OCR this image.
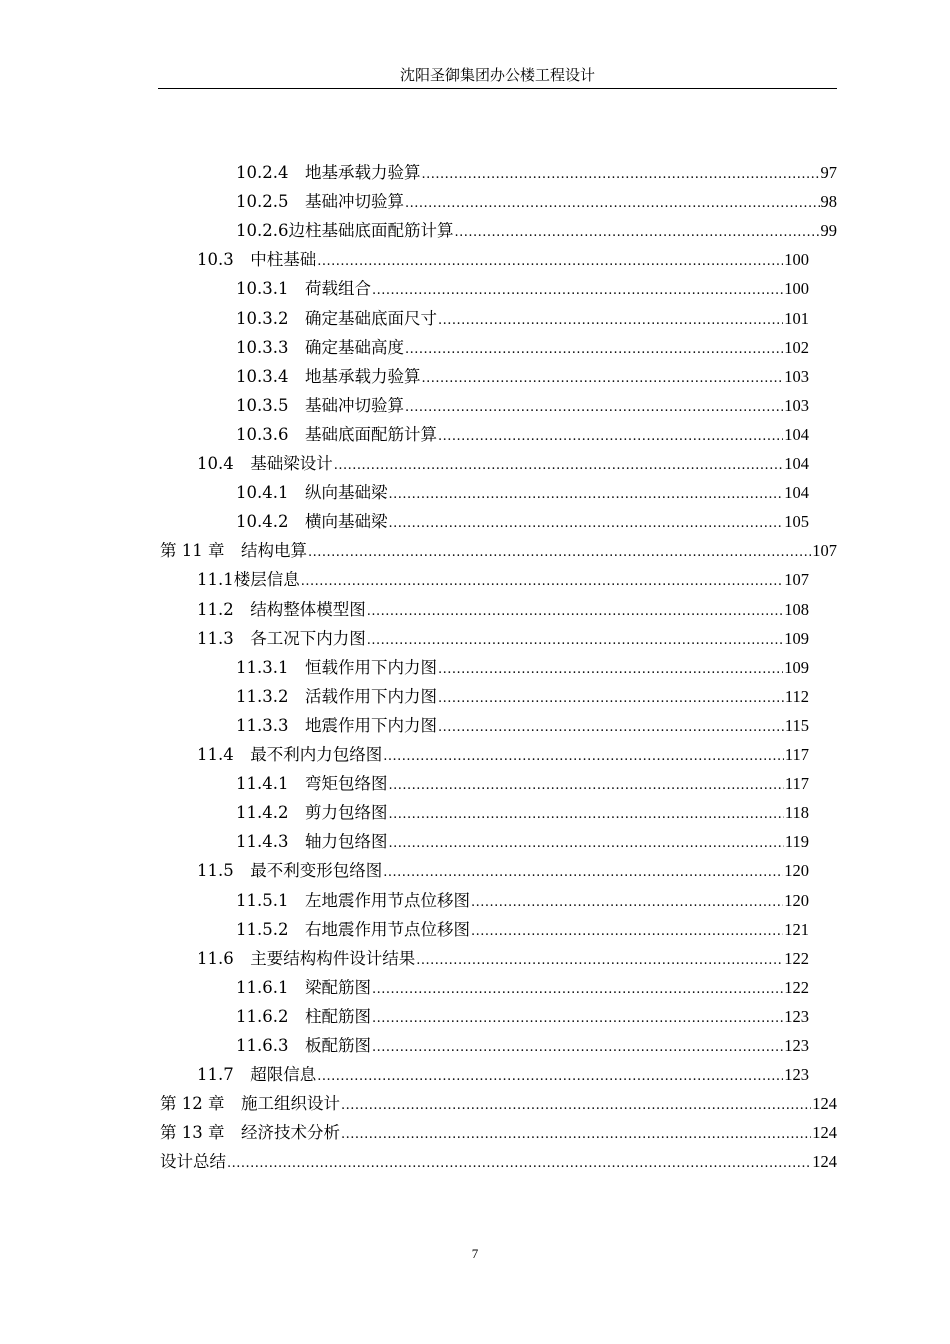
沈阳圣御集团办公楼工程设计
10.2.4　地基承载力验算 .....	97
10.2.5　基础冲切验算 .....	98
10.2.6边柱基础底面配筋计算 .....	99
10.3　中柱基础 .....	100
10.3.1　荷载组合 .....	100
10.3.2　确定基础底面尺寸 .....	101
10.3.3　确定基础高度 .....	102
10.3.4　地基承载力验算 .....	103
10.3.5　基础冲切验算 .....	103
10.3.6　基础底面配筋计算 .....	104
10.4　基础梁设计 .....	104
10.4.1　纵向基础梁 .....	104
10.4.2　横向基础梁 .....	105
第 11 章　结构电算 .....	107
11.1楼层信息 .....	107
11.2　结构整体模型图 .....	108
11.3　各工况下内力图 .....	109
11.3.1　恒载作用下内力图 .....	109
11.3.2　活载作用下内力图 .....	112
11.3.3　地震作用下内力图 .....	115
11.4　最不利内力包络图 .....	117
11.4.1　弯矩包络图 .....	117
11.4.2　剪力包络图 .....	118
11.4.3　轴力包络图 .....	119
11.5　最不利变形包络图 .....	120
11.5.1　左地震作用节点位移图 .....	120
11.5.2　右地震作用节点位移图 .....	121
11.6　主要结构构件设计结果 .....	122
11.6.1　梁配筋图 .....	122
11.6.2　柱配筋图 .....	123
11.6.3　板配筋图 .....	123
11.7　超限信息 .....	123
第 12 章　施工组织设计 .....	124
第 13 章　经济技术分析 .....	124
设计总结 .....	124
7
